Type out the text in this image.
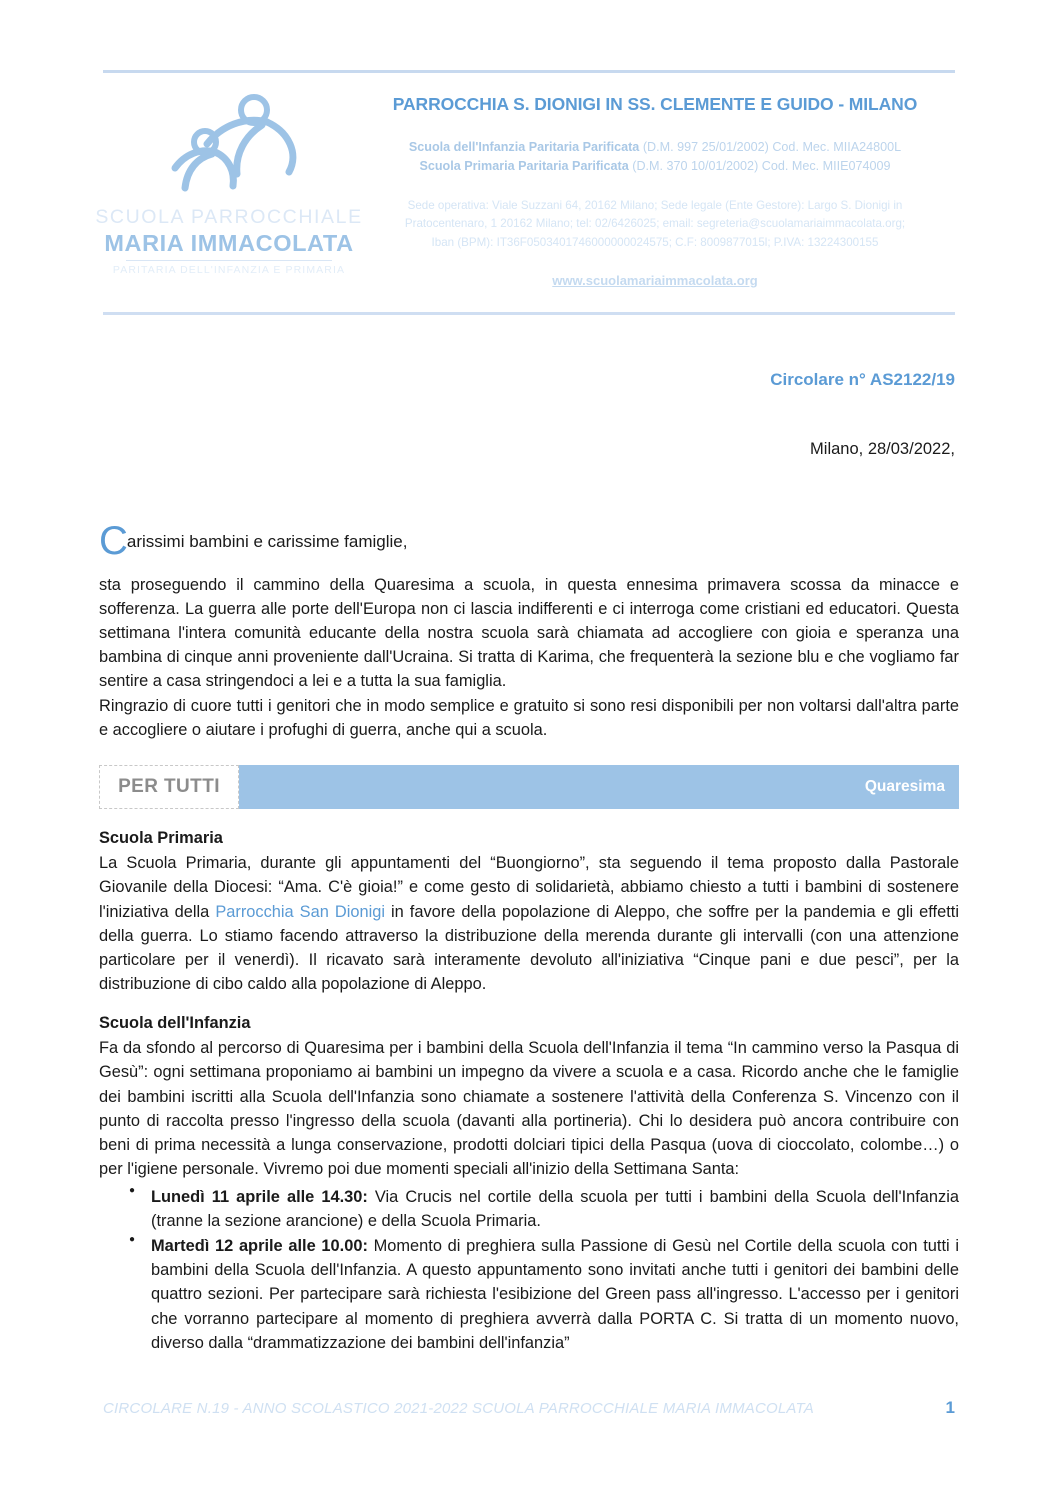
SCUOLA PARROCCHIALE
MARIA IMMACOLATA
PARITARIA DELL'INFANZIA E PRIMARIA
PARROCCHIA S. DIONIGI IN SS. CLEMENTE E GUIDO - MILANO
Scuola dell'Infanzia Paritaria Parificata (D.M. 997 25/01/2002) Cod. Mec. MIIA24800L
Scuola Primaria Paritaria Parificata (D.M. 370 10/01/2002) Cod. Mec. MIIE074009
Sede operativa: Viale Suzzani 64, 20162 Milano; Sede legale (Ente Gestore): Largo S. Dionigi in
Pratocentenaro, 1 20162 Milano; tel: 02/6426025; email: segreteria@scuolamariaimmacolata.org;
Iban (BPM): IT36F0503401746000000024575; C.F: 8009877015l; P.IVA: 13224300155
www.scuolamariaimmacolata.org
Circolare n° AS2122/19
Milano, 28/03/2022,
Carissimi bambini e carissime famiglie,

sta proseguendo il cammino della Quaresima a scuola, in questa ennesima primavera scossa da minacce e sofferenza. La guerra alle porte dell'Europa non ci lascia indifferenti e ci interroga come cristiani ed educatori. Questa settimana l'intera comunità educante della nostra scuola sarà chiamata ad accogliere con gioia e speranza una bambina di cinque anni proveniente dall'Ucraina. Si tratta di Karima, che frequenterà la sezione blu e che vogliamo far sentire a casa stringendoci a lei e a tutta la sua famiglia.

Ringrazio di cuore tutti i genitori che in modo semplice e gratuito si sono resi disponibili per non voltarsi dall'altra parte e accogliere o aiutare i profughi di guerra, anche qui a scuola.

PER TUTTI	Quaresima
Scuola Primaria

La Scuola Primaria, durante gli appuntamenti del “Buongiorno”, sta seguendo il tema proposto dalla Pastorale Giovanile della Diocesi: “Ama. C'è gioia!” e come gesto di solidarietà, abbiamo chiesto a tutti i bambini di sostenere l'iniziativa della Parrocchia San Dionigi in favore della popolazione di Aleppo, che soffre per la pandemia e gli effetti della guerra. Lo stiamo facendo attraverso la distribuzione della merenda durante gli intervalli (con una attenzione particolare per il venerdì). Il ricavato sarà interamente devoluto all'iniziativa “Cinque pani e due pesci”, per la distribuzione di cibo caldo alla popolazione di Aleppo.

Scuola dell'Infanzia

Fa da sfondo al percorso di Quaresima per i bambini della Scuola dell'Infanzia il tema “In cammino verso la Pasqua di Gesù”: ogni settimana proponiamo ai bambini un impegno da vivere a scuola e a casa. Ricordo anche che le famiglie dei bambini iscritti alla Scuola dell'Infanzia sono chiamate a sostenere l'attività della Conferenza S. Vincenzo con il punto di raccolta presso l'ingresso della scuola (davanti alla portineria). Chi lo desidera può ancora contribuire con beni di prima necessità a lunga conservazione, prodotti dolciari tipici della Pasqua (uova di cioccolato, colombe…) o per l'igiene personale. Vivremo poi due momenti speciali all'inizio della Settimana Santa:

● Lunedì 11 aprile alle 14.30: Via Crucis nel cortile della scuola per tutti i bambini della Scuola dell'Infanzia (tranne la sezione arancione) e della Scuola Primaria.
● Martedì 12 aprile alle 10.00: Momento di preghiera sulla Passione di Gesù nel Cortile della scuola con tutti i bambini della Scuola dell'Infanzia. A questo appuntamento sono invitati anche tutti i genitori dei bambini delle quattro sezioni. Per partecipare sarà richiesta l'esibizione del Green pass all'ingresso. L'accesso per i genitori che vorranno partecipare al momento di preghiera avverrà dalla PORTA C. Si tratta di un momento nuovo, diverso dalla “drammatizzazione dei bambini dell'infanzia”
CIRCOLARE N.19 - ANNO SCOLASTICO 2021-2022 SCUOLA PARROCCHIALE MARIA IMMACOLATA	1
